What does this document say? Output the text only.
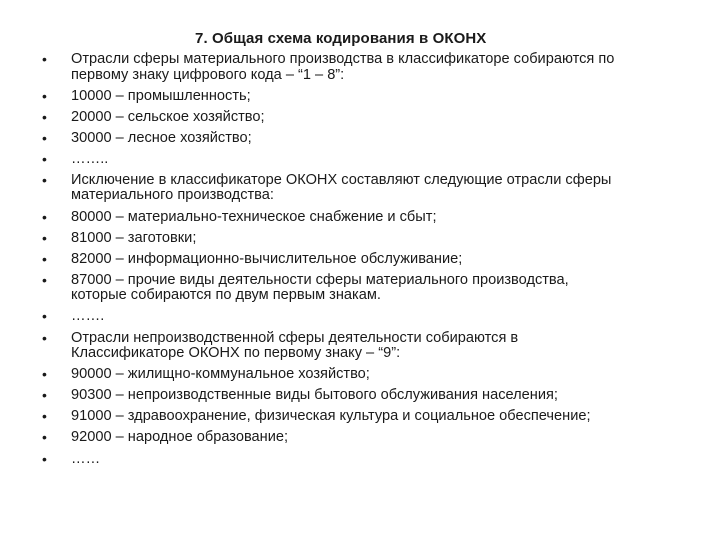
7. Общая схема кодирования в ОКОНХ
• Отрасли сферы материального производства в классификаторе собираются по
первому знаку цифрового кода – “1 – 8”:
• 10000 – промышленность;
• 20000 – сельское хозяйство;
• 30000 – лесное хозяйство;
• ……..
• Исключение в классификаторе ОКОНХ составляют следующие отрасли сферы
материального производства:
• 80000 – материально-техническое снабжение и сбыт;
• 81000 – заготовки;
• 82000 – информационно-вычислительное обслуживание;
• 87000 – прочие виды деятельности сферы материального производства,
которые собираются по двум первым знакам.
• …….
• Отрасли непроизводственной сферы деятельности собираются в
Классификаторе ОКОНХ по первому знаку – “9”:
• 90000 – жилищно-коммунальное хозяйство;
• 90300 – непроизводственные виды бытового обслуживания населения;
• 91000 – здравоохранение, физическая культура и социальное обеспечение;
• 92000 – народное образование;
• ……
